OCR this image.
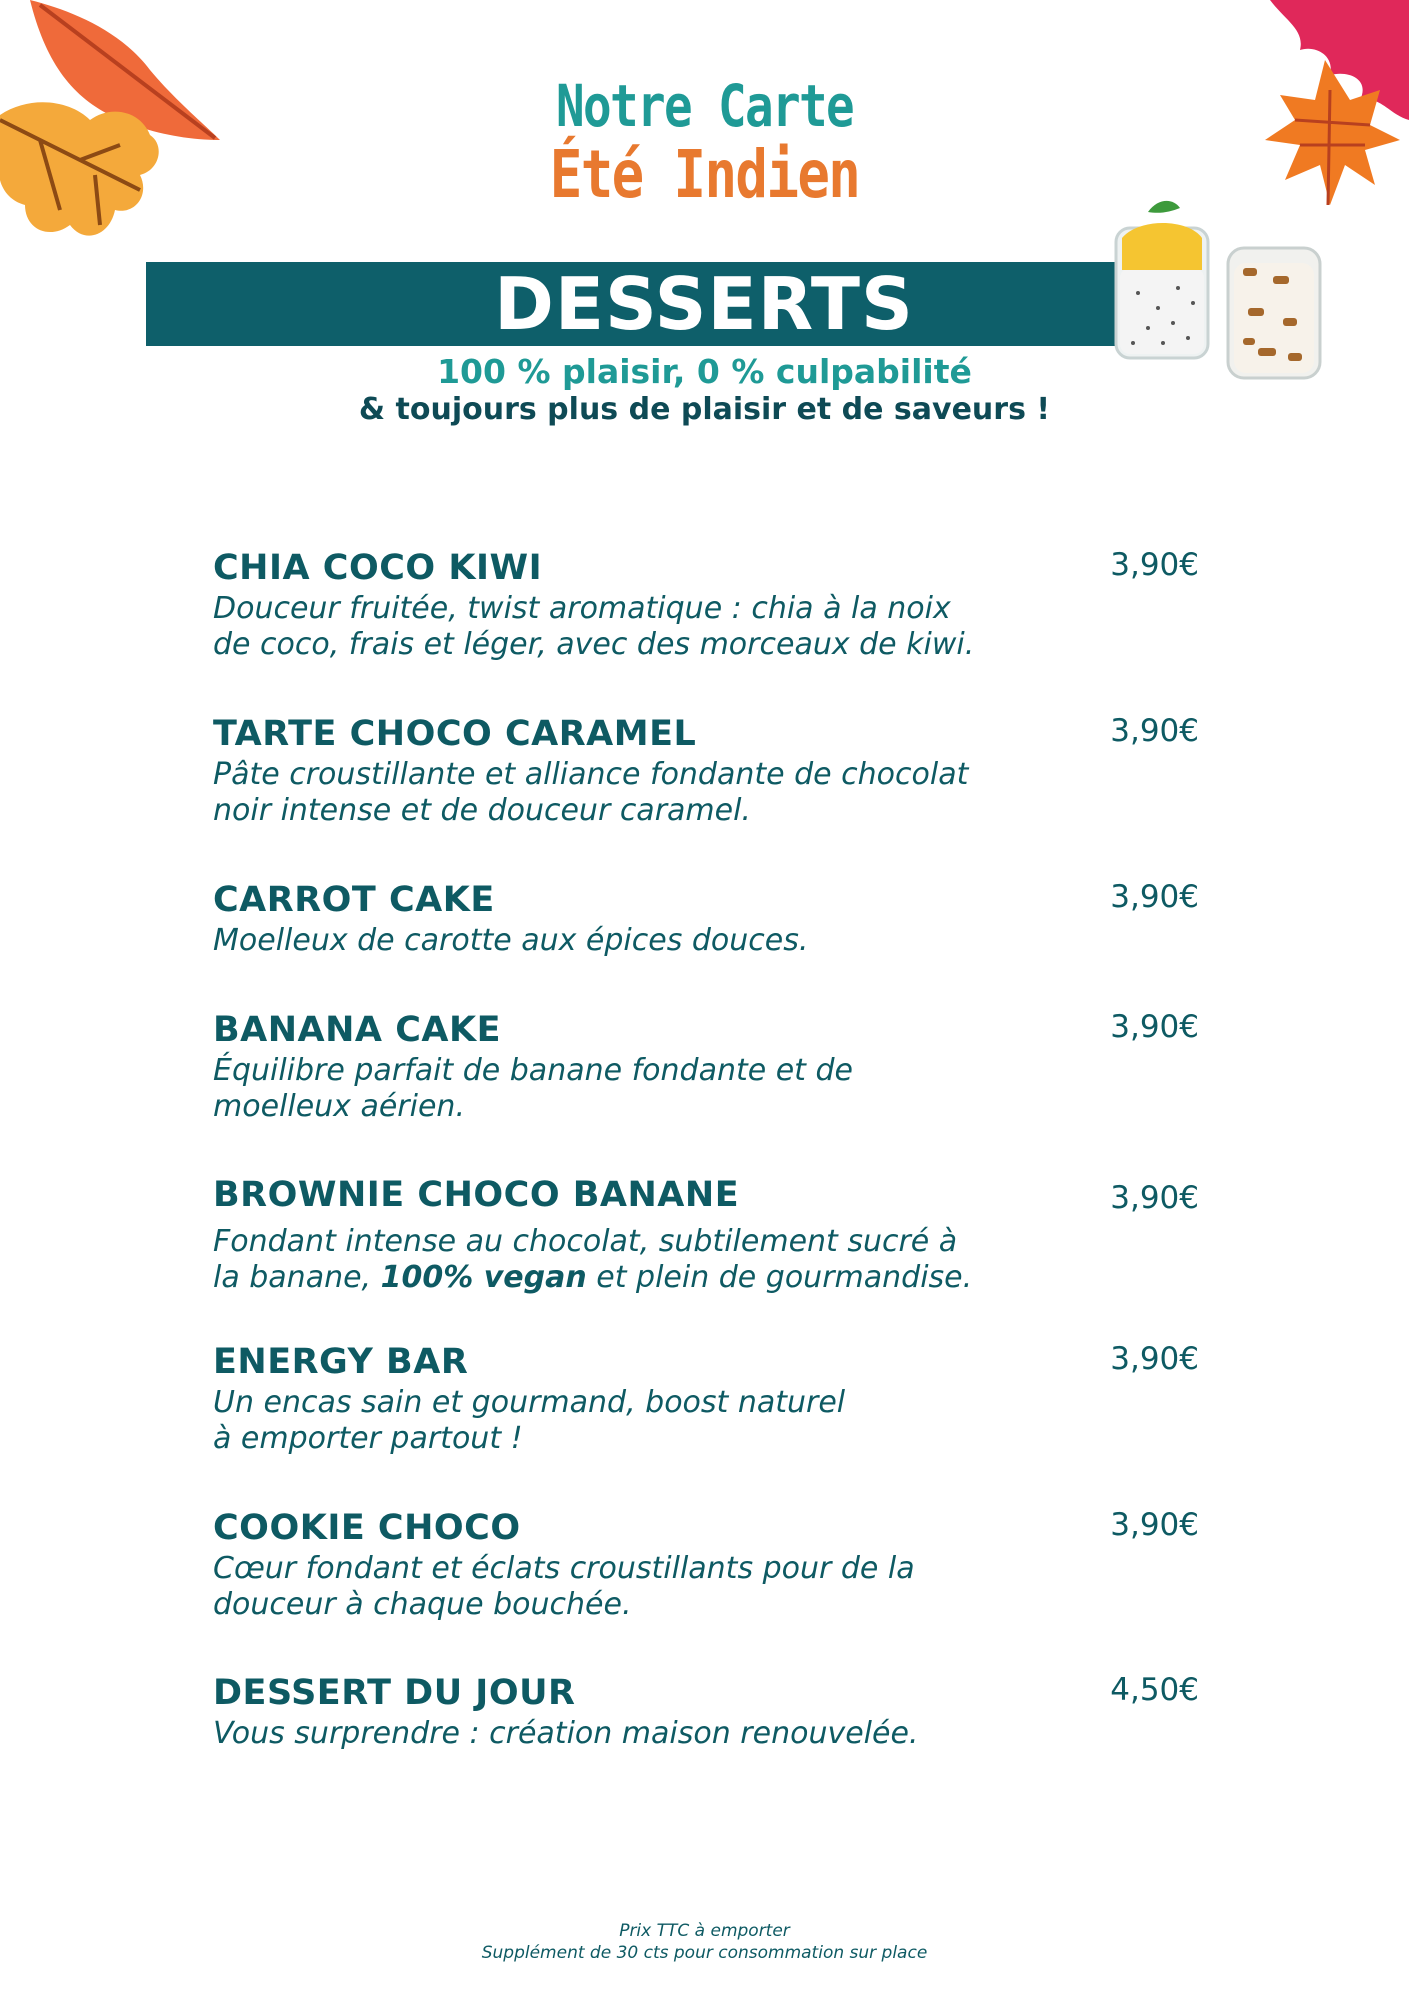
Notre Carte
Été Indien
DESSERTS
100 % plaisir, 0 % culpabilité
& toujours plus de plaisir et de saveurs !
CHIA COCO KIWI
Douceur fruitée, twist aromatique : chia à la noix
de coco, frais et léger, avec des morceaux de kiwi.
3,90€
TARTE CHOCO CARAMEL
Pâte croustillante et alliance fondante de chocolat
noir intense et de douceur caramel.
3,90€
CARROT CAKE
Moelleux de carotte aux épices douces.
3,90€
BANANA CAKE
Équilibre parfait de banane fondante et de
moelleux aérien.
3,90€
BROWNIE CHOCO BANANE
Fondant intense au chocolat, subtilement sucré à
la banane, 100% vegan et plein de gourmandise.
3,90€
ENERGY BAR
Un encas sain et gourmand, boost naturel
à emporter partout !
3,90€
COOKIE CHOCO
Cœur fondant et éclats croustillants pour de la
douceur à chaque bouchée.
3,90€
DESSERT DU JOUR
Vous surprendre : création maison renouvelée.
4,50€
Prix TTC à emporter
Supplément de 30 cts pour consommation sur place
